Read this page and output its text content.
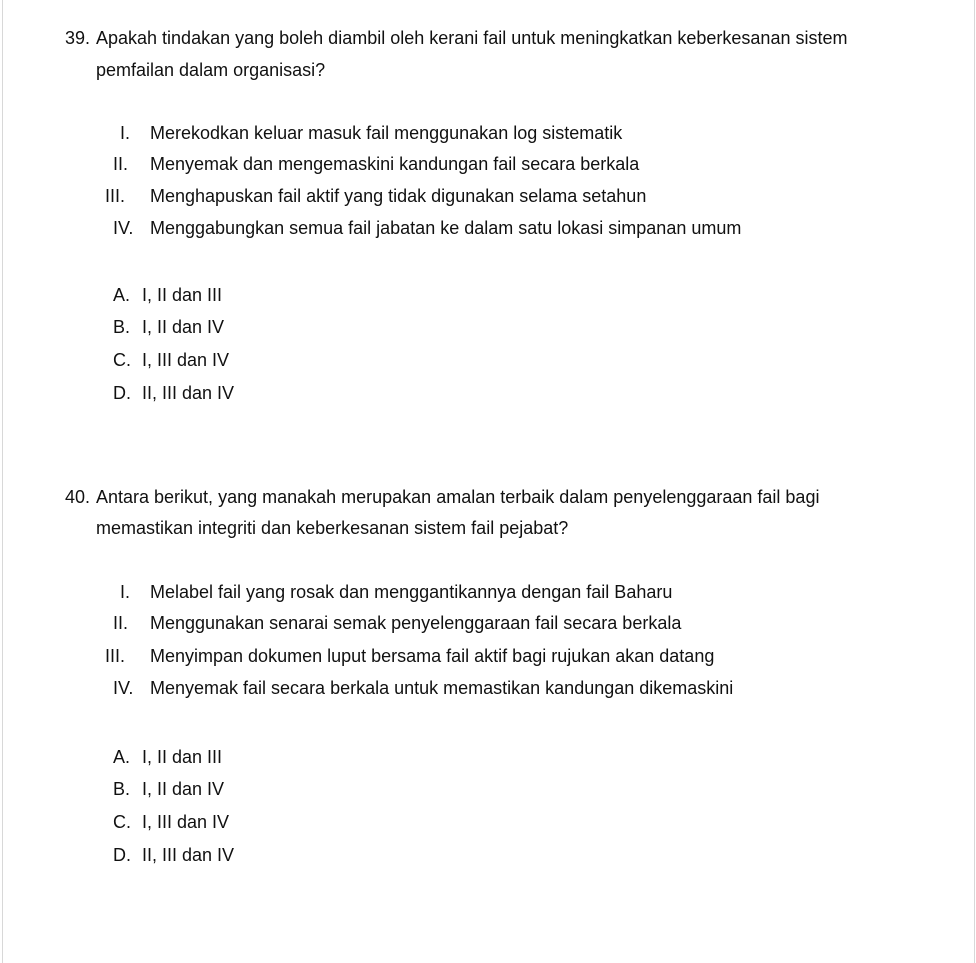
39. Apakah tindakan yang boleh diambil oleh kerani fail untuk meningkatkan keberkesanan sistem
pemfailan dalam organisasi?
I.	Merekodkan keluar masuk fail menggunakan log sistematik
II.	Menyemak dan mengemaskini kandungan fail secara berkala
III.	Menghapuskan fail aktif yang tidak digunakan selama setahun
IV. Menggabungkan semua fail jabatan ke dalam satu lokasi simpanan umum
A. I, II dan III
B. I, II dan IV
C. I, III dan IV
D. II, III dan IV
40. Antara berikut, yang manakah merupakan amalan terbaik dalam penyelenggaraan fail bagi
memastikan integriti dan keberkesanan sistem fail pejabat?
I.	Melabel fail yang rosak dan menggantikannya dengan fail Baharu
II.	Menggunakan senarai semak penyelenggaraan fail secara berkala
III.	Menyimpan dokumen luput bersama fail aktif bagi rujukan akan datang
IV. Menyemak fail secara berkala untuk memastikan kandungan dikemaskini
A. I, II dan III
B. I, II dan IV
C. I, III dan IV
D. II, III dan IV
